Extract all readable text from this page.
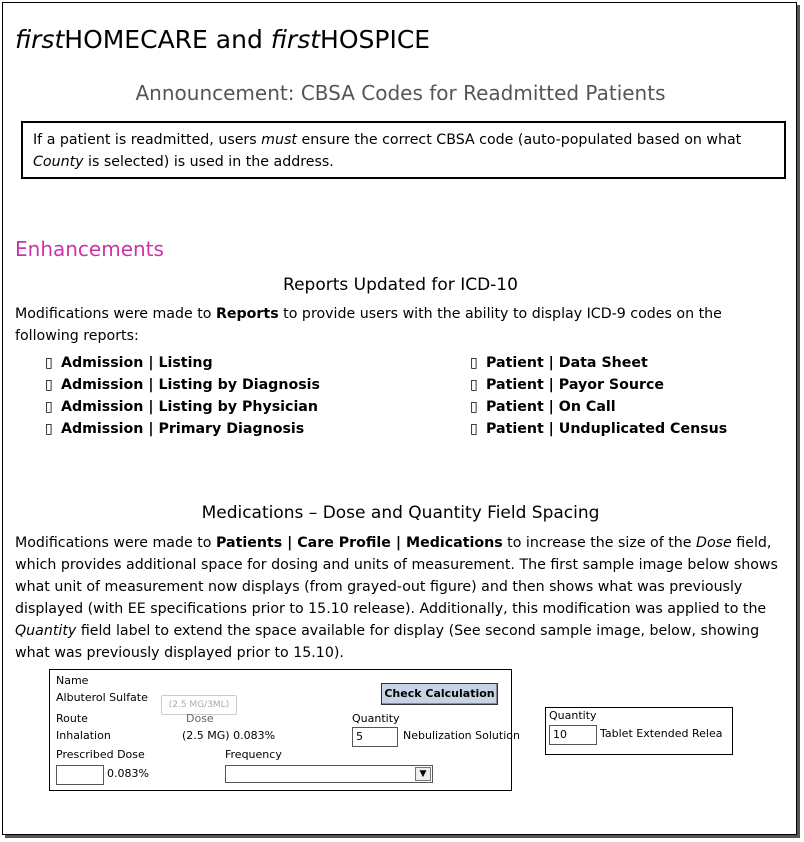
firstHOMECARE and firstHOSPICE
Announcement: CBSA Codes for Readmitted Patients
If a patient is readmitted, users must ensure the correct CBSA code (auto-populated based on what County is selected) is used in the address.
Enhancements
Reports Updated for ICD-10
Modifications were made to Reports to provide users with the ability to display ICD-9 codes on the following reports:
▯ Admission | Listing
▯ Admission | Listing by Diagnosis
▯ Admission | Listing by Physician
▯ Admission | Primary Diagnosis
▯ Patient | Data Sheet
▯ Patient | Payor Source
▯ Patient | On Call
▯ Patient | Unduplicated Census
Medications – Dose and Quantity Field Spacing
Modifications were made to Patients | Care Profile | Medications to increase the size of the Dose field, which provides additional space for dosing and units of measurement. The first sample image below shows what unit of measurement now displays (from grayed-out figure) and then shows what was previously displayed (with EE specifications prior to 15.10 release). Additionally, this modification was applied to the Quantity field label to extend the space available for display (See second sample image, below, showing what was previously displayed prior to 15.10).
Name
Albuterol Sulfate
(2.5 MG/3ML)
Check Calculation
Route
Inhalation
Dose
(2.5 MG) 0.083%
Quantity
5	Nebulization Solution
Prescribed Dose
0.083%
Frequency
▼
Quantity
10	Tablet Extended Relea
